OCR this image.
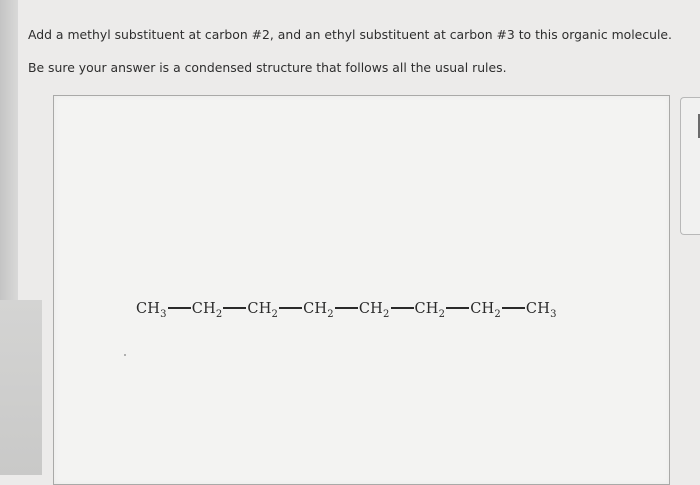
Add a methyl substituent at carbon #2, and an ethyl substituent at carbon #3 to this organic molecule.
Be sure your answer is a condensed structure that follows all the usual rules.
$CH_3$ $CH_2$ $CH_2$ $CH_2$ $CH_2$ $CH_2$ $CH_2$ $CH_3$
